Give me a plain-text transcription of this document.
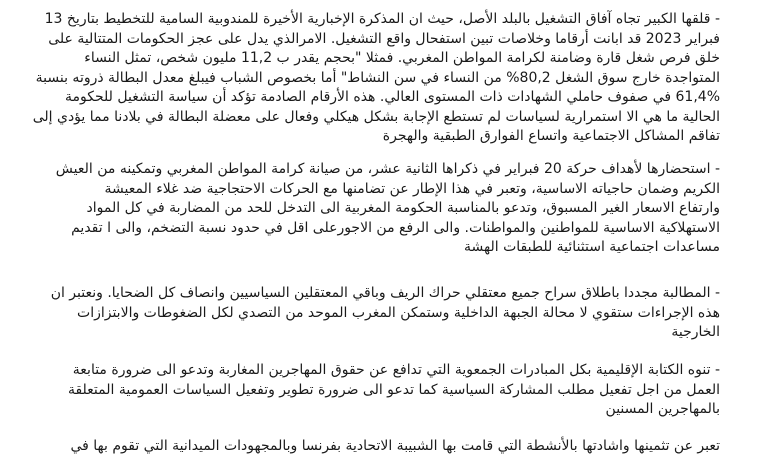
- قلقها الكبير تجاه آفاق التشغيل بالبلد الأصل، حيث ان المذكرة الإخبارية الأخيرة للمندوبية السامية للتخطيط بتاريخ 13
فبراير 2023 قد ابانت أرقاما وخلاصات تبين استفحال واقع التشغيل. الامرالذي يدل على عجز الحكومات المتتالية على
خلق فرص شغل قارة وضامنة لكرامة المواطن المغربي. فمثلا "بحجم يقدر ب 11,2 مليون شخص، تمثل النساء
المتواجدة خارج سوق الشغل 80,2% من النساء في سن النشاط" أما بخصوص الشباب فيبلغ معدل البطالة ذروته بنسبة
61,4% في صفوف حاملي الشهادات ذات المستوى العالي. هذه الأرقام الصادمة تؤكد أن سياسة التشغيل للحكومة
الحالية ما هي الا استمرارية لسياسات لم تستطع الإجابة بشكل هيكلي وفعال على معضلة البطالة في بلادنا مما يؤدي إلى
تفاقم المشاكل الاجتماعية واتساع الفوارق الطبقية والهجرة
- استحضارها لأهداف حركة 20 فبراير في ذكراها الثانية عشر، من صيانة كرامة المواطن المغربي وتمكينه من العيش
الكريم وضمان حاجياته الاساسية، وتعبر في هذا الإطار عن تضامنها مع الحركات الاحتجاجية ضد غلاء المعيشة
وارتفاع الاسعار الغير المسبوق، وتدعو بالمناسبة الحكومة المغربية الى التدخل للحد من المضاربة في كل المواد
الاستهلاكية الاساسية للمواطنين والمواطنات. والى الرفع من الاجورعلى اقل في حدود نسبة التضخم، والى ا تقديم
مساعدات اجتماعية استثنائية للطبقات الهشة
- المطالبة مجددا باطلاق سراح جميع معتقلي حراك الريف وباقي المعتقلين السياسيين وانصاف كل الضحايا. ونعتبر ان
هذه الإجراءات ستقوي لا محالة الجبهة الداخلية وستمكن المغرب الموحد من التصدي لكل الضغوطات والابتزازات
الخارجية
- تنوه الكتابة الإقليمية بكل المبادرات الجمعوية التي تدافع عن حقوق المهاجرين المغاربة وتدعو الى ضرورة متابعة
العمل من اجل تفعيل مطلب المشاركة السياسية كما تدعو الى ضرورة تطوير وتفعيل السياسات العمومية المتعلقة
بالمهاجرين المسنين
تعبر عن تثمينها واشادتها بالأنشطة التي قامت بها الشبيبة الاتحادية بفرنسا وبالمجهودات الميدانية التي تقوم بها في
